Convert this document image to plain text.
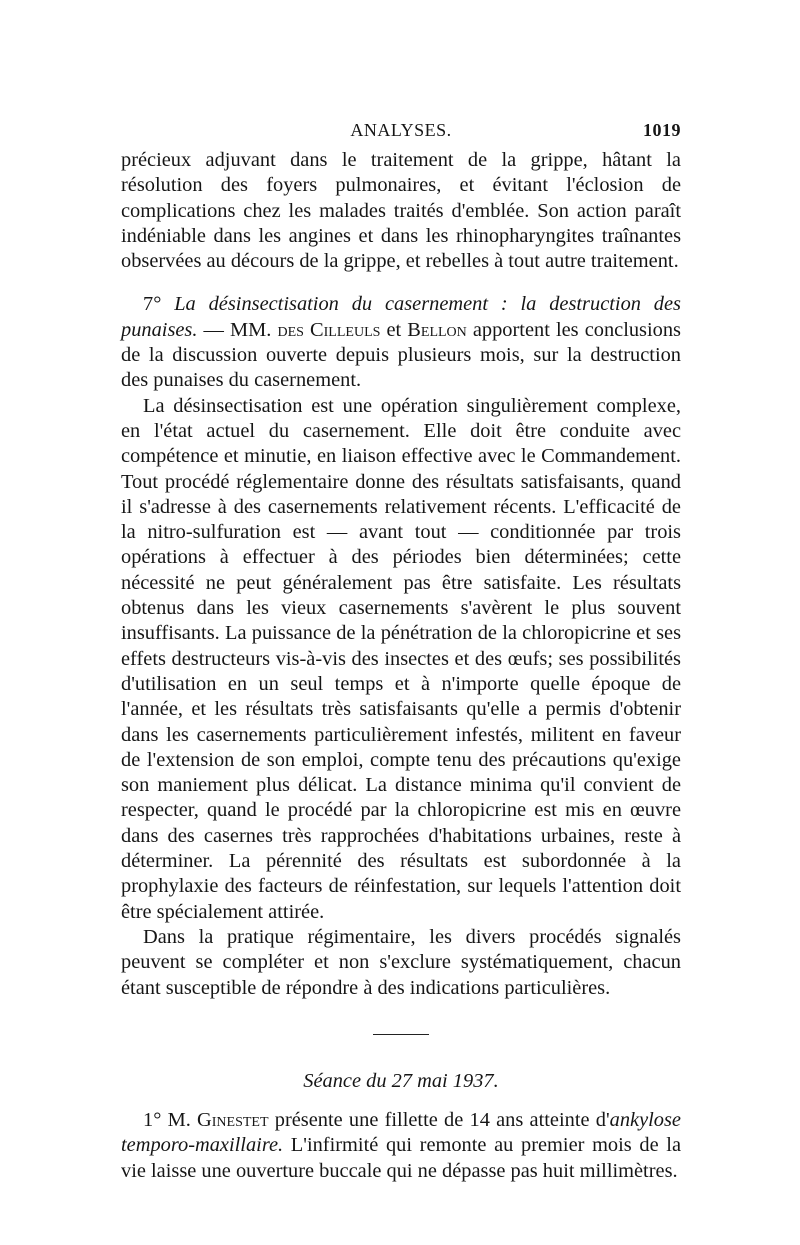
ANALYSES.	1019

précieux adjuvant dans le traitement de la grippe, hâtant la résolution des foyers pulmonaires, et évitant l'éclosion de complications chez les malades traités d'emblée. Son action paraît indéniable dans les angines et dans les rhinopharyngites traînantes observées au décours de la grippe, et rebelles à tout autre traitement.

7° La désinsectisation du casernement : la destruction des punaises. — MM. des Cilleuls et Bellon apportent les conclusions de la discussion ouverte depuis plusieurs mois, sur la destruction des punaises du casernement.

La désinsectisation est une opération singulièrement complexe, en l'état actuel du casernement. Elle doit être conduite avec compétence et minutie, en liaison effective avec le Commandement. Tout procédé réglementaire donne des résultats satisfaisants, quand il s'adresse à des casernements relativement récents. L'efficacité de la nitro-sulfuration est — avant tout — conditionnée par trois opérations à effectuer à des périodes bien déterminées; cette nécessité ne peut généralement pas être satisfaite. Les résultats obtenus dans les vieux casernements s'avèrent le plus souvent insuffisants. La puissance de la pénétration de la chloropicrine et ses effets destructeurs vis-à-vis des insectes et des œufs; ses possibilités d'utilisation en un seul temps et à n'importe quelle époque de l'année, et les résultats très satisfaisants qu'elle a permis d'obtenir dans les casernements particulièrement infestés, militent en faveur de l'extension de son emploi, compte tenu des précautions qu'exige son maniement plus délicat. La distance minima qu'il convient de respecter, quand le procédé par la chloropicrine est mis en œuvre dans des casernes très rapprochées d'habitations urbaines, reste à déterminer. La pérennité des résultats est subordonnée à la prophylaxie des facteurs de réinfestation, sur lequels l'attention doit être spécialement attirée.

Dans la pratique régimentaire, les divers procédés signalés peuvent se compléter et non s'exclure systématiquement, chacun étant susceptible de répondre à des indications particulières.

Séance du 27 mai 1937.

1° M. Ginestet présente une fillette de 14 ans atteinte d'ankylose temporo-maxillaire. L'infirmité qui remonte au premier mois de la vie laisse une ouverture buccale qui ne dépasse pas huit millimètres.
